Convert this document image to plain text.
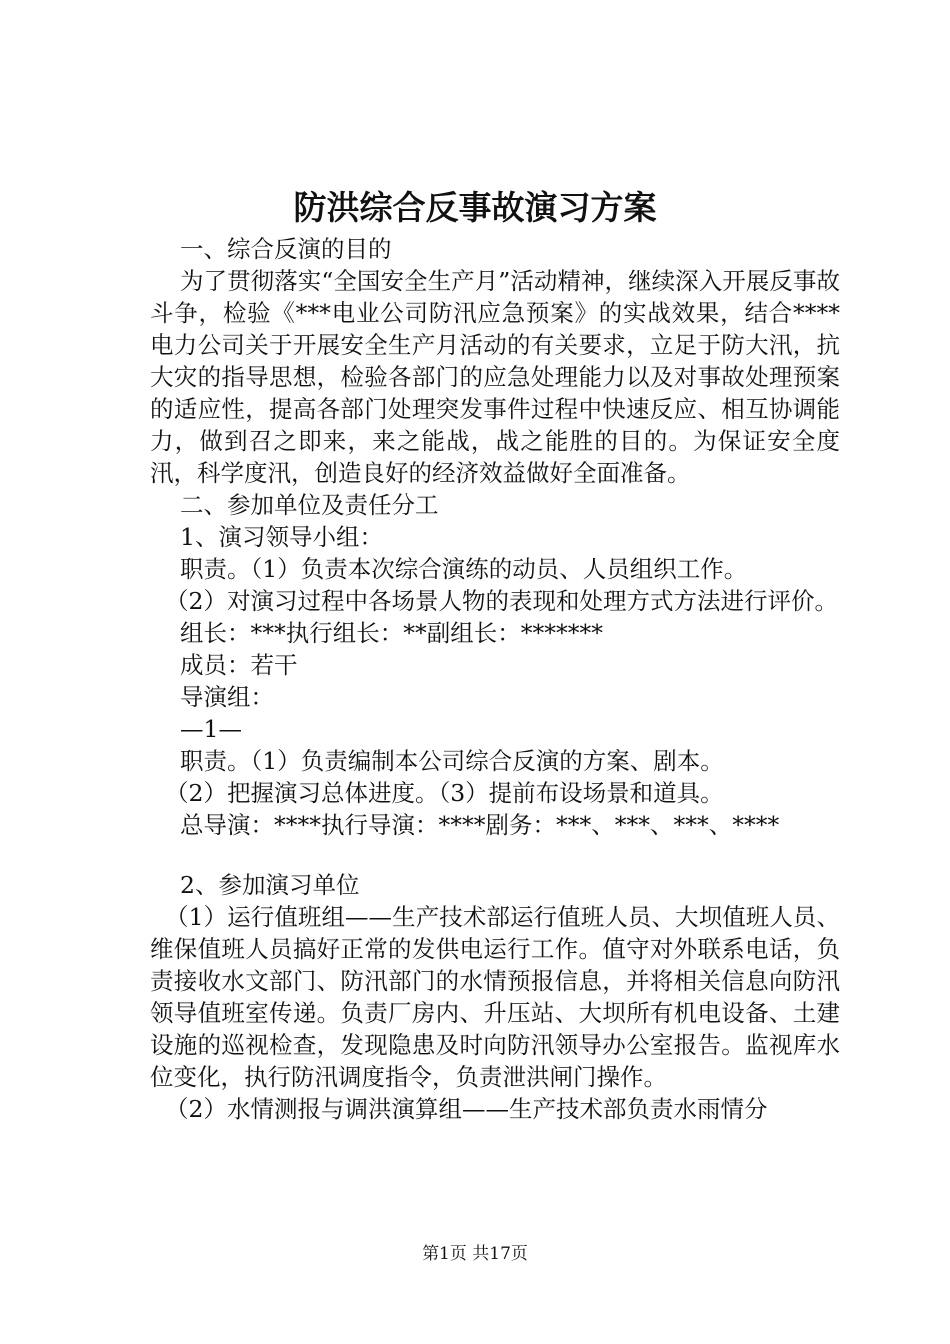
防洪综合反事故演习方案

一、综合反演的目的

为了贯彻落实“全国安全生产月”活动精神，继续深入开展反事故斗争，检验《***电业公司防汛应急预案》的实战效果，结合****电力公司关于开展安全生产月活动的有关要求，立足于防大汛，抗大灾的指导思想，检验各部门的应急处理能力以及对事故处理预案的适应性，提高各部门处理突发事件过程中快速反应、相互协调能力，做到召之即来，来之能战，战之能胜的目的。为保证安全度汛，科学度汛，创造良好的经济效益做好全面准备。

二、参加单位及责任分工

1、演习领导小组：

职责。（1）负责本次综合演练的动员、人员组织工作。

（2）对演习过程中各场景人物的表现和处理方式方法进行评价。

组长：***执行组长：**副组长：*******

成员：若干

导演组：

—1—

职责。（1）负责编制本公司综合反演的方案、剧本。

（2）把握演习总体进度。（3）提前布设场景和道具。

总导演：****执行导演：****剧务：***、***、***、****

2、参加演习单位

（1）运行值班组——生产技术部运行值班人员、大坝值班人员、维保值班人员搞好正常的发供电运行工作。值守对外联系电话，负责接收水文部门、防汛部门的水情预报信息，并将相关信息向防汛领导值班室传递。负责厂房内、升压站、大坝所有机电设备、土建设施的巡视检查，发现隐患及时向防汛领导办公室报告。监视库水位变化，执行防汛调度指令，负责泄洪闸门操作。

（2）水情测报与调洪演算组——生产技术部负责水雨情分

第1页 共17页
